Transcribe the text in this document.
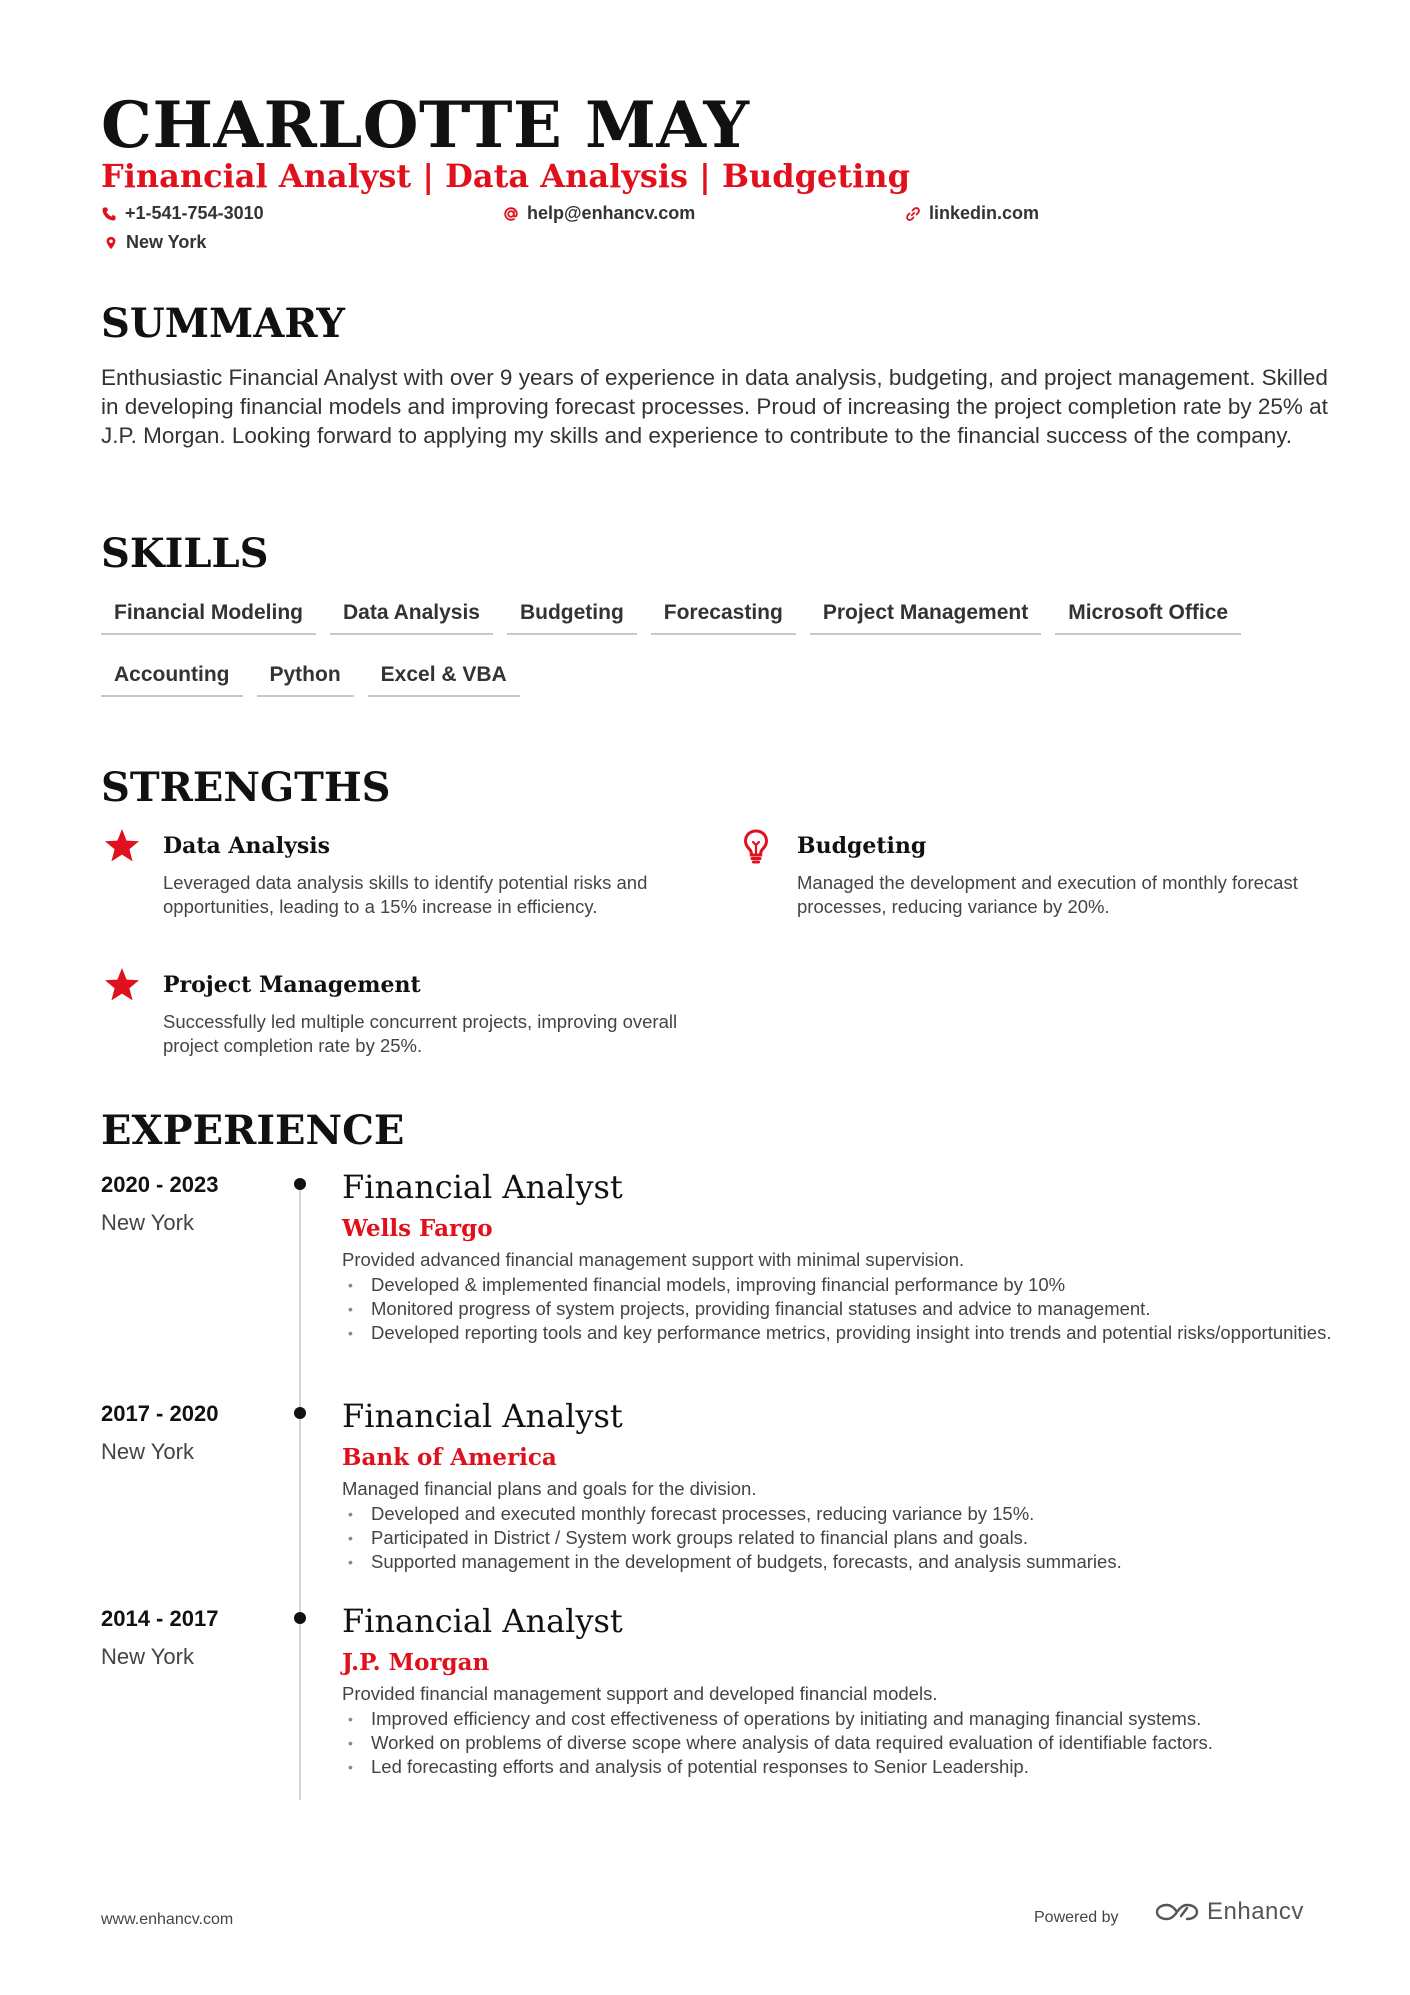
CHARLOTTE MAY
Financial Analyst | Data Analysis | Budgeting
+1-541-754-3010	help@enhancv.com	linkedin.com
New York
SUMMARY
Enthusiastic Financial Analyst with over 9 years of experience in data analysis, budgeting, and project management. Skilled in developing financial models and improving forecast processes. Proud of increasing the project completion rate by 25% at J.P. Morgan. Looking forward to applying my skills and experience to contribute to the financial success of the company.
SKILLS
Financial Modeling	Data Analysis	Budgeting	Forecasting	Project Management	Microsoft Office
Accounting	Python	Excel & VBA
STRENGTHS
Data Analysis
Leveraged data analysis skills to identify potential risks and opportunities, leading to a 15% increase in efficiency.
Budgeting
Managed the development and execution of monthly forecast processes, reducing variance by 20%.
Project Management
Successfully led multiple concurrent projects, improving overall project completion rate by 25%.
EXPERIENCE
2020 - 2023
New York
Financial Analyst
Wells Fargo
Provided advanced financial management support with minimal supervision.
• Developed & implemented financial models, improving financial performance by 10%
• Monitored progress of system projects, providing financial statuses and advice to management.
• Developed reporting tools and key performance metrics, providing insight into trends and potential risks/opportunities.
2017 - 2020
New York
Financial Analyst
Bank of America
Managed financial plans and goals for the division.
• Developed and executed monthly forecast processes, reducing variance by 15%.
• Participated in District / System work groups related to financial plans and goals.
• Supported management in the development of budgets, forecasts, and analysis summaries.
2014 - 2017
New York
Financial Analyst
J.P. Morgan
Provided financial management support and developed financial models.
• Improved efficiency and cost effectiveness of operations by initiating and managing financial systems.
• Worked on problems of diverse scope where analysis of data required evaluation of identifiable factors.
• Led forecasting efforts and analysis of potential responses to Senior Leadership.
www.enhancv.com	Powered by	Enhancv
